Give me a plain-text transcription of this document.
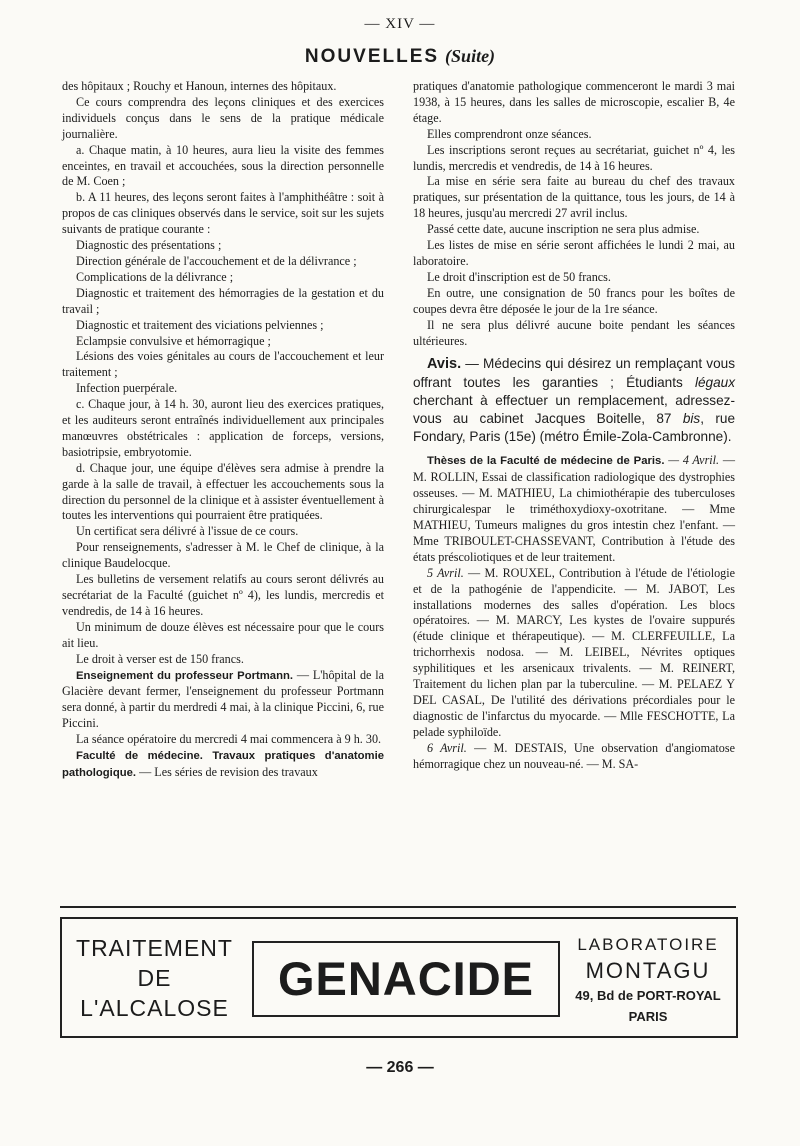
— XIV —
NOUVELLES (Suite)

des hôpitaux ; Rouchy et Hanoun, internes des hôpitaux.

Ce cours comprendra des leçons cliniques et des exercices individuels conçus dans le sens de la pratique médicale journalière.

a. Chaque matin, à 10 heures, aura lieu la visite des femmes enceintes, en travail et accouchées, sous la direction personnelle de M. Coen ;

b. A 11 heures, des leçons seront faites à l'amphithéâtre : soit à propos de cas cliniques observés dans le service, soit sur les sujets suivants de pratique courante :

Diagnostic des présentations ;

Direction générale de l'accouchement et de la délivrance ;

Complications de la délivrance ;

Diagnostic et traitement des hémorragies de la gestation et du travail ;

Diagnostic et traitement des viciations pelviennes ;

Eclampsie convulsive et hémorragique ;

Lésions des voies génitales au cours de l'accouchement et leur traitement ;

Infection puerpérale.

c. Chaque jour, à 14 h. 30, auront lieu des exercices pratiques, et les auditeurs seront entraînés individuellement aux principales manœuvres obstétricales : application de forceps, versions, basiotripsie, embryotomie.

d. Chaque jour, une équipe d'élèves sera admise à prendre la garde à la salle de travail, à effectuer les accouchements sous la direction du personnel de la clinique et à assister éventuellement à toutes les interventions qui pourraient être pratiquées.

Un certificat sera délivré à l'issue de ce cours.

Pour renseignements, s'adresser à M. le Chef de clinique, à la clinique Baudelocque.

Les bulletins de versement relatifs au cours seront délivrés au secrétariat de la Faculté (guichet nº 4), les lundis, mercredis et vendredis, de 14 à 16 heures.

Un minimum de douze élèves est nécessaire pour que le cours ait lieu.

Le droit à verser est de 150 francs.

Enseignement du professeur Portmann. — L'hôpital de la Glacière devant fermer, l'enseignement du professeur Portmann sera donné, à partir du merdredi 4 mai, à la clinique Piccini, 6, rue Piccini.

La séance opératoire du mercredi 4 mai commencera à 9 h. 30.

Faculté de médecine. Travaux pratiques d'anatomie pathologique. — Les séries de revision des travaux

pratiques d'anatomie pathologique commenceront le mardi 3 mai 1938, à 15 heures, dans les salles de microscopie, escalier B, 4e étage.

Elles comprendront onze séances.

Les inscriptions seront reçues au secrétariat, guichet nº 4, les lundis, mercredis et vendredis, de 14 à 16 heures.

La mise en série sera faite au bureau du chef des travaux pratiques, sur présentation de la quittance, tous les jours, de 14 à 18 heures, jusqu'au mercredi 27 avril inclus.

Passé cette date, aucune inscription ne sera plus admise.

Les listes de mise en série seront affichées le lundi 2 mai, au laboratoire.

Le droit d'inscription est de 50 francs.

En outre, une consignation de 50 francs pour les boîtes de coupes devra être déposée le jour de la 1re séance.

Il ne sera plus délivré aucune boite pendant les séances ultérieures.

Avis. — Médecins qui désirez un remplaçant vous offrant toutes les garanties ; Étudiants légaux cherchant à effectuer un remplacement, adressez-vous au cabinet Jacques Boitelle, 87 bis, rue Fondary, Paris (15e) (métro Émile-Zola-Cambronne).

Thèses de la Faculté de médecine de Paris. — 4 Avril. — M. ROLLIN, Essai de classification radiologique des dystrophies osseuses. — M. MATHIEU, La chimiothérapie des tuberculoses chirurgicalespar le triméthoxydioxy-oxotritane. — Mme MATHIEU, Tumeurs malignes du gros intestin chez l'enfant. — Mme TRIBOULET-CHASSEVANT, Contribution à l'étude des états préscoliotiques et de leur traitement.

5 Avril. — M. ROUXEL, Contribution à l'étude de l'étiologie et de la pathogénie de l'appendicite. — M. JABOT, Les installations modernes des salles d'opération. Les blocs opératoires. — M. MARCY, Les kystes de l'ovaire suppurés (étude clinique et thérapeutique). — M. CLERFEUILLE, La trichorrhexis nodosa. — M. LEIBEL, Névrites optiques syphilitiques et les arsenicaux trivalents. — M. REINERT, Traitement du lichen plan par la tuberculine. — M. PELAEZ Y DEL CASAL, De l'utilité des dérivations précordiales pour le diagnostic de l'infarctus du myocarde. — Mlle FESCHOTTE, La pelade syphiloïde.

6 Avril. — M. DESTAIS, Une observation d'angiomatose hémorragique chez un nouveau-né. — M. SA-

TRAITEMENT
DE
L'ALCALOSE
GENACIDE
LABORATOIRE
MONTAGU
49, Bd de PORT-ROYAL
PARIS
— 266 —
